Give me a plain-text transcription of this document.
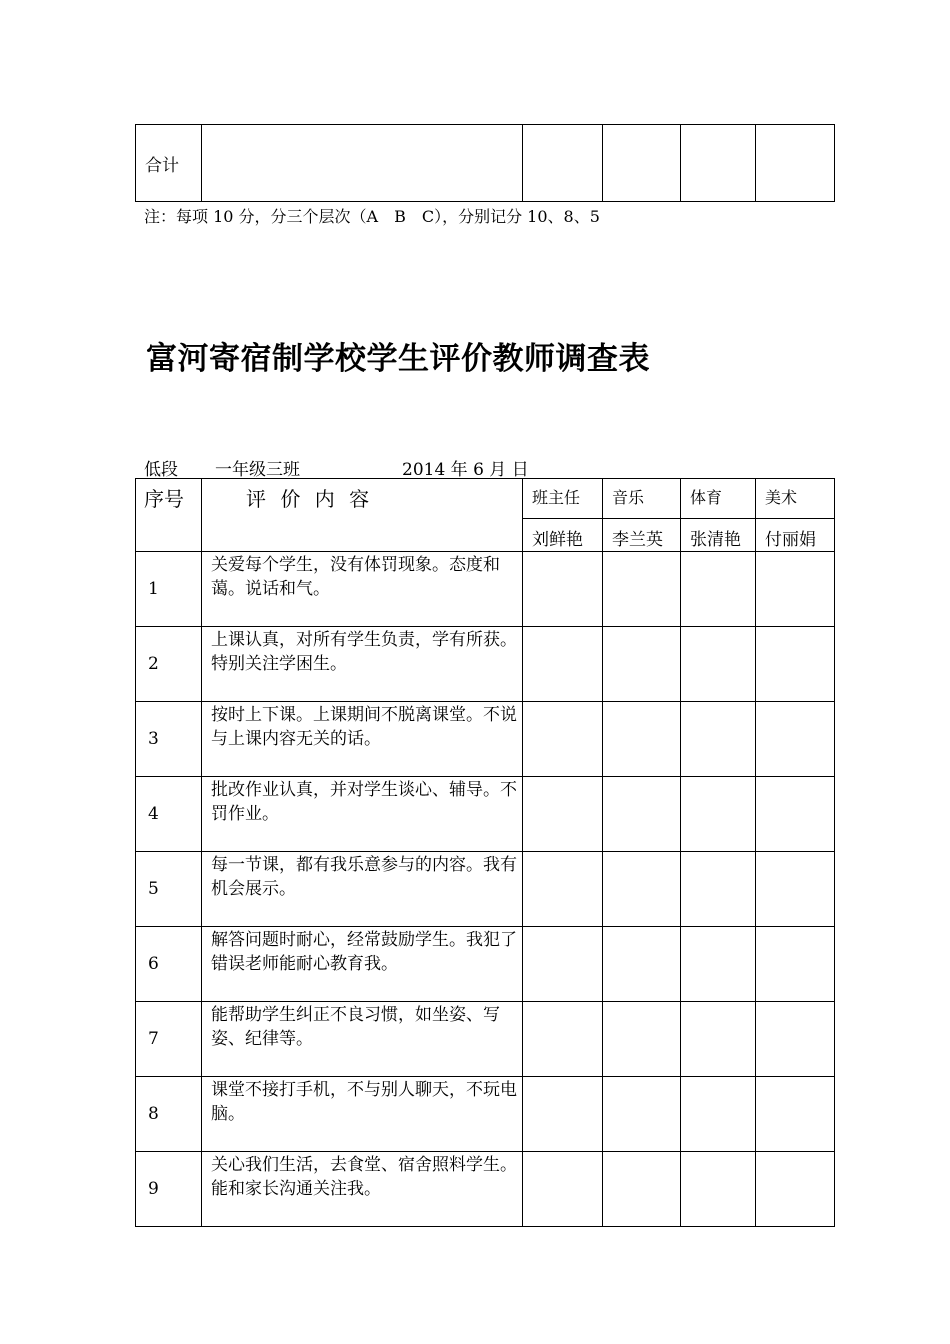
合计					
注：每项 10 分，分三个层次（A　B　C），分别记分 10、8、5
富河寄宿制学校学生评价教师调查表
低段 一年级三班	2014 年 6 月 日
序号	评 价 内 容	班主任	音乐	体育	美术
		刘鲜艳	李兰英	张清艳	付丽娟
1	关爱每个学生，没有体罚现象。态度和蔼。说话和气。				
2	上课认真，对所有学生负责，学有所获。特别关注学困生。				
3	按时上下课。上课期间不脱离课堂。不说与上课内容无关的话。				
4	批改作业认真，并对学生谈心、辅导。不罚作业。				
5	每一节课，都有我乐意参与的内容。我有机会展示。				
6	解答问题时耐心，经常鼓励学生。我犯了错误老师能耐心教育我。				
7	能帮助学生纠正不良习惯，如坐姿、写姿、纪律等。				
8	课堂不接打手机，不与别人聊天，不玩电脑。				
9	关心我们生活，去食堂、宿舍照料学生。能和家长沟通关注我。				
